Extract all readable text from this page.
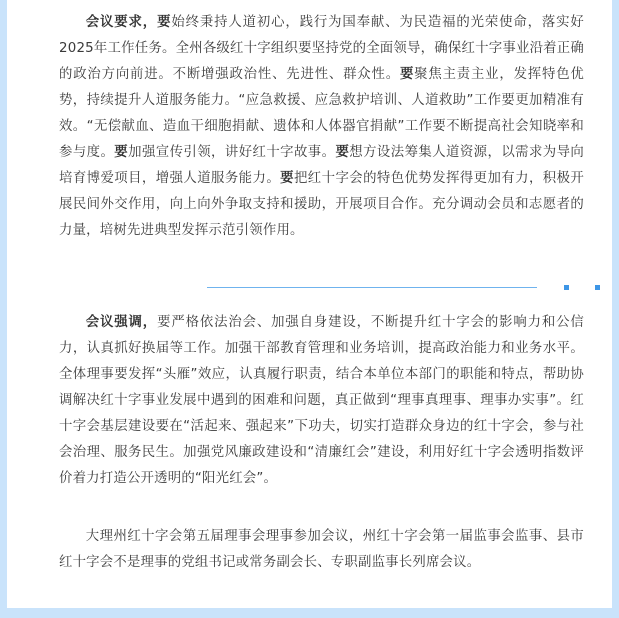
会议要求，要始终秉持人道初心，践行为国奉献、为民造福的光荣使命，落实好2025年工作任务。全州各级红十字组织要坚持党的全面领导，确保红十字事业沿着正确的政治方向前进。不断增强政治性、先进性、群众性。要聚焦主责主业，发挥特色优势，持续提升人道服务能力。“应急救援、应急救护培训、人道救助”工作要更加精准有效。“无偿献血、造血干细胞捐献、遗体和人体器官捐献”工作要不断提高社会知晓率和参与度。要加强宣传引领，讲好红十字故事。要想方设法筹集人道资源，以需求为导向培育博爱项目，增强人道服务能力。要把红十字会的特色优势发挥得更加有力，积极开展民间外交作用，向上向外争取支持和援助，开展项目合作。充分调动会员和志愿者的力量，培树先进典型发挥示范引领作用。

会议强调，要严格依法治会、加强自身建设，不断提升红十字会的影响力和公信力，认真抓好换届等工作。加强干部教育管理和业务培训，提高政治能力和业务水平。全体理事要发挥“头雁”效应，认真履行职责，结合本单位本部门的职能和特点，帮助协调解决红十字事业发展中遇到的困难和问题，真正做到“理事真理事、理事办实事”。红十字会基层建设要在“活起来、强起来”下功夫，切实打造群众身边的红十字会，参与社会治理、服务民生。加强党风廉政建设和“清廉红会”建设，利用好红十字会透明指数评价着力打造公开透明的“阳光红会”。

大理州红十字会第五届理事会理事参加会议，州红十字会第一届监事会监事、县市红十字会不是理事的党组书记或常务副会长、专职副监事长列席会议。
